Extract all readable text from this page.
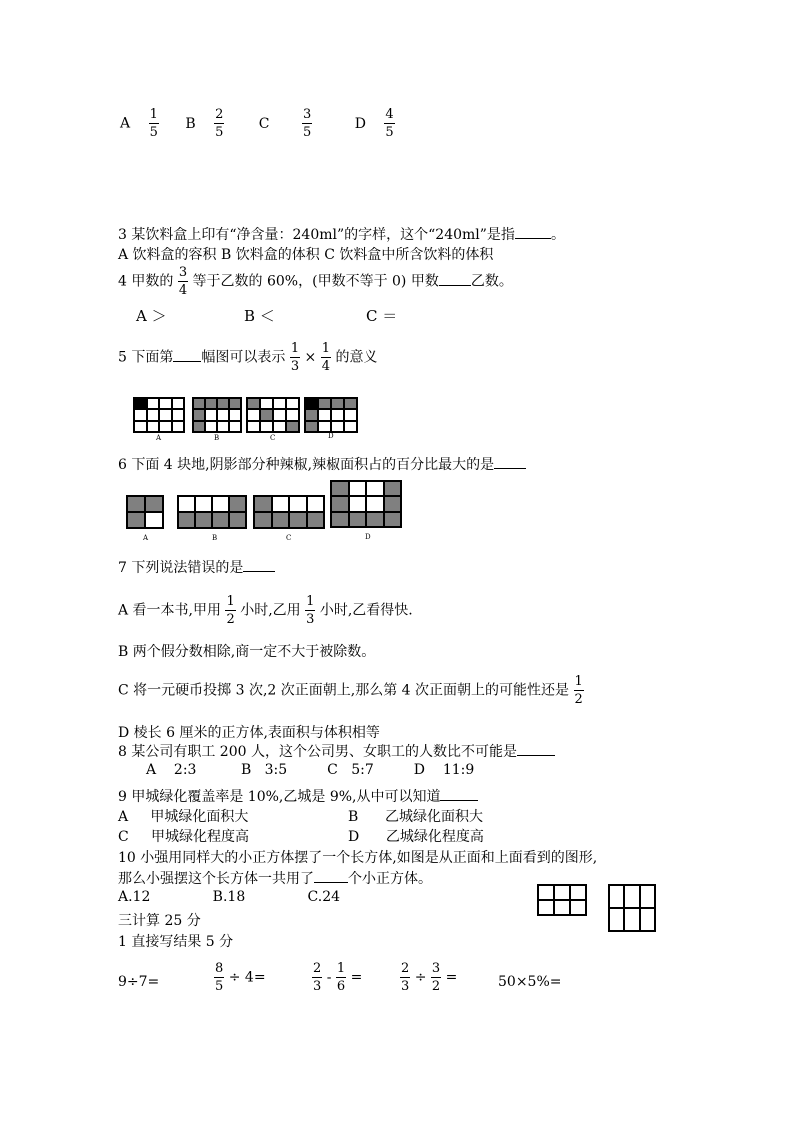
A $\frac{1}{5}$ B $\frac{2}{5}$ C $\frac{3}{5}$	D $\frac{4}{5}$
3 某饮料盒上印有“净含量：240ml”的字样，这个“240ml”是指	。
A 饮料盒的容积 B 饮料盒的体积 C 饮料盒中所含饮料的体积
4 甲数的 $\frac{3}{4}$ 等于乙数的 60%，(甲数不等于 0) 甲数 乙数。
A ＞	B ＜	C ＝
5 下面第 幅图可以表示 $\frac{1}{3} \times \frac{1}{4}$ 的意义
A	B	C	D
6 下面 4 块地,阴影部分种辣椒,辣椒面积占的百分比最大的是
A	B	C	D
7 下列说法错误的是
A 看一本书,甲用 $\frac{1}{2}$ 小时,乙用 $\frac{1}{3}$ 小时,乙看得快.
B 两个假分数相除,商一定不大于被除数。
C 将一元硬币投掷 3 次,2 次正面朝上,那么第 4 次正面朝上的可能性还是 $\frac{1}{2}$
D 棱长 6 厘米的正方体,表面积与体积相等
8 某公司有职工 200 人，这个公司男、女职工的人数比不可能是
A    2:3          B   3:5         C   5:7         D    11:9
9 甲城绿化覆盖率是 10%,乙城是 9%,从中可以知道
A     甲城绿化面积大	B      乙城绿化面积大
C     甲城绿化程度高	D      乙城绿化程度高
10 小强用同样大的小正方体摆了一个长方体,如图是从正面和上面看到的图形,
那么小强摆这个长方体一共用了 个小正方体。
A.12              B.18              C.24
三计算 25 分
1 直接写结果 5 分
9÷7=	$\frac{8}{5} \div 4=$	$\frac{2}{3} - \frac{1}{6}$ =	$\frac{2}{3} \div \frac{3}{2}$ =	50×5%=
